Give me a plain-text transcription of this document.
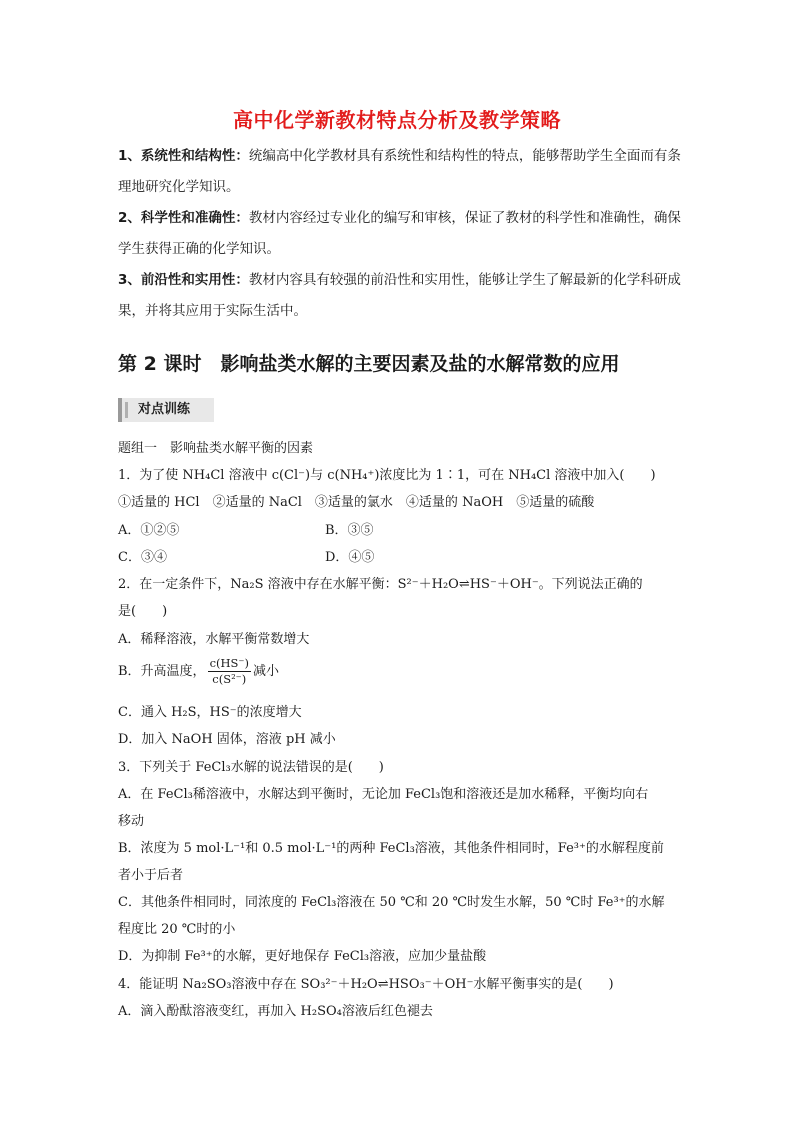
高中化学新教材特点分析及教学策略
1、系统性和结构性：统编高中化学教材具有系统性和结构性的特点，能够帮助学生全面而有条理地研究化学知识。
2、科学性和准确性：教材内容经过专业化的编写和审核，保证了教材的科学性和准确性，确保学生获得正确的化学知识。
3、前沿性和实用性：教材内容具有较强的前沿性和实用性，能够让学生了解最新的化学科研成果，并将其应用于实际生活中。
第 2 课时　影响盐类水解的主要因素及盐的水解常数的应用
对点训练
题组一　影响盐类水解平衡的因素
1．为了使 NH₄Cl 溶液中 c(Cl⁻)与 c(NH₄⁺)浓度比为 1∶1，可在 NH₄Cl 溶液中加入(　　)
①适量的 HCl　②适量的 NaCl　③适量的氯水　④适量的 NaOH　⑤适量的硫酸
A．①②⑤	B．③⑤
C．③④	D．④⑤
2．在一定条件下，Na₂S 溶液中存在水解平衡：S²⁻＋H₂O⇌HS⁻＋OH⁻。下列说法正确的
是(　　)
A．稀释溶液，水解平衡常数增大
B．升高温度， $\frac{c(HS^-)}{\text{c(S²⁻)}}$ 减小
C．通入 H₂S，HS⁻的浓度增大
D．加入 NaOH 固体，溶液 pH 减小
3．下列关于 FeCl₃水解的说法错误的是(　　)
A．在 FeCl₃稀溶液中，水解达到平衡时，无论加 FeCl₃饱和溶液还是加水稀释，平衡均向右
移动
B．浓度为 5 mol·L⁻¹和 0.5 mol·L⁻¹的两种 FeCl₃溶液，其他条件相同时，Fe³⁺的水解程度前
者小于后者
C．其他条件相同时，同浓度的 FeCl₃溶液在 50 ℃和 20 ℃时发生水解，50 ℃时 Fe³⁺的水解
程度比 20 ℃时的小
D．为抑制 Fe³⁺的水解，更好地保存 FeCl₃溶液，应加少量盐酸
4．能证明 Na₂SO₃溶液中存在 SO₃²⁻＋H₂O⇌HSO₃⁻＋OH⁻水解平衡事实的是(　　)
A．滴入酚酞溶液变红，再加入 H₂SO₄溶液后红色褪去
